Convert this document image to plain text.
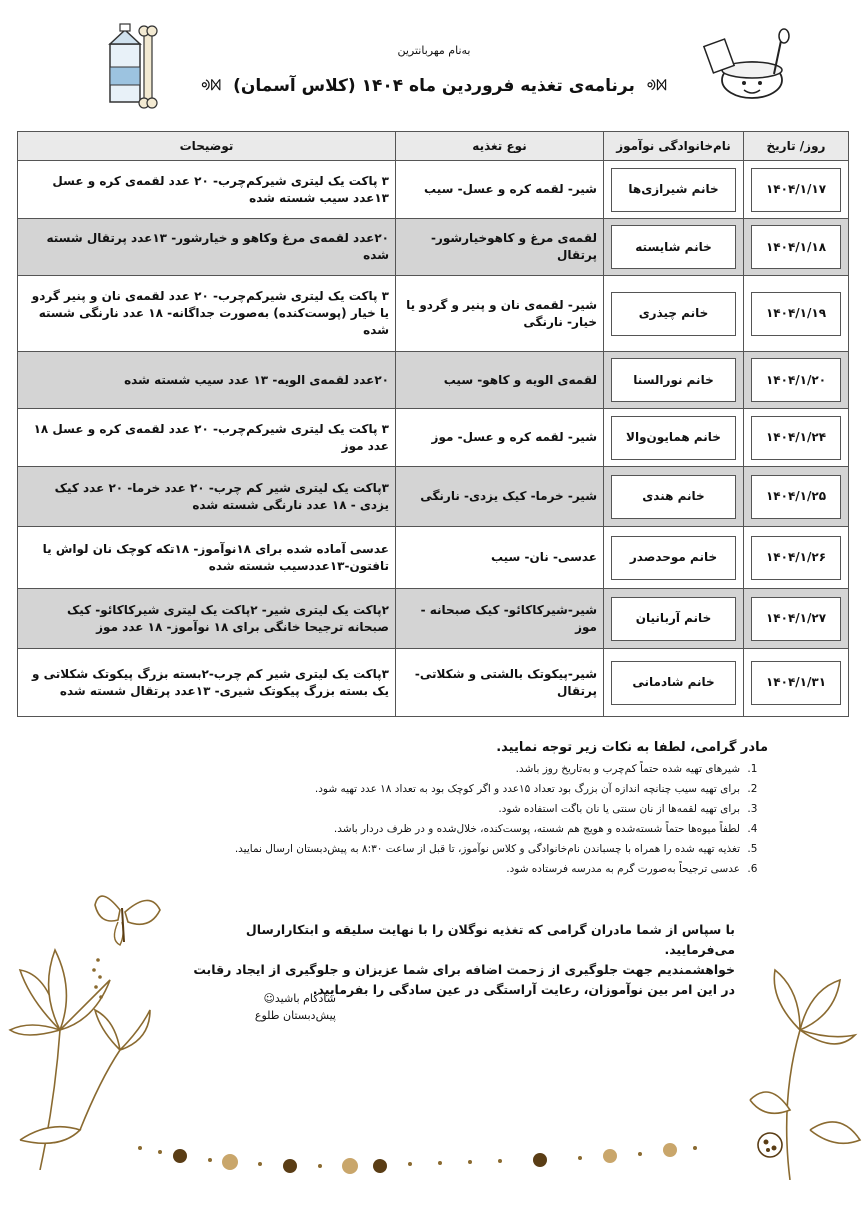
به‌نام مهربانترین
ᢀᢂ برنامه‌ی تغذیه فروردین ماه ۱۴۰۴ (کلاس آسمان) ᢀᢂ
روز/ تاریخ	نام‌خانوادگی نوآموز	نوع تغذیه	توضیحات

۱۴۰۴/۱/۱۷	خانم شیرازی‌ها	شیر- لقمه کره و عسل- سیب	۳ پاکت یک لیتری شیرکم‌چرب- ۲۰ عدد لقمه‌ی کره و عسل ۱۳عدد سیب شسته شده

۱۴۰۴/۱/۱۸	خانم شایسته	لقمه‌ی مرغ و کاهوخیارشور- پرتقال	۲۰عدد لقمه‌ی مرغ وکاهو و خیارشور- ۱۳عدد پرتقال شسته شده

۱۴۰۴/۱/۱۹	خانم چیذری	شیر- لقمه‌ی نان و پنیر و گردو یا خیار- نارنگی	۳ پاکت یک لیتری شیرکم‌چرب- ۲۰ عدد لقمه‌ی نان و پنیر گردو یا خیار (پوست‌کنده) به‌صورت جداگانه- ۱۸ عدد نارنگی شسته شده

۱۴۰۴/۱/۲۰	خانم نورالسنا	لقمه‌ی الویه و کاهو- سیب	۲۰عدد لقمه‌ی الویه- ۱۳ عدد سیب شسته شده

۱۴۰۴/۱/۲۴	خانم همایون‌والا	شیر- لقمه کره و عسل- موز	۳ پاکت یک لیتری شیرکم‌چرب- ۲۰ عدد لقمه‌ی کره و عسل ۱۸ عدد موز

۱۴۰۴/۱/۲۵	خانم هندی	شیر- خرما- کیک یزدی- نارنگی	۳پاکت یک لیتری شیر کم چرب- ۲۰ عدد خرما- ۲۰ عدد کیک یزدی - ۱۸ عدد نارنگی شسته شده

۱۴۰۴/۱/۲۶	خانم موحدصدر	عدسی- نان- سیب	عدسی آماده شده برای ۱۸نوآموز- ۱۸تکه کوچک نان لواش یا تافتون-۱۳عددسیب شسته شده

۱۴۰۴/۱/۲۷	خانم آربانیان	شیر-شیرکاکائو- کیک صبحانه - موز	۲پاکت یک لیتری شیر- ۲پاکت یک لیتری شیرکاکائو- کیک صبحانه ترجیحا خانگی برای ۱۸ نوآموز- ۱۸ عدد موز

۱۴۰۴/۱/۳۱	خانم شادمانی	شیر-پیکوتک بالشتی و شکلاتی- پرتقال	۳پاکت یک لیتری شیر کم چرب-۲بسته بزرگ پیکوتک شکلاتی و یک بسته بزرگ پیکوتک شیری- ۱۳عدد پرتقال شسته شده
مادر گرامی، لطفا به نکات زیر توجه نمایید.
1. شیرهای تهیه شده حتماً کم‌چرب و به‌تاریخ روز باشد.
2. برای تهیه سیب چنانچه اندازه آن بزرگ بود تعداد ۱۵عدد و اگر کوچک بود به تعداد ۱۸ عدد تهیه شود.
3. برای تهیه لقمه‌ها از نان سنتی یا نان باگت استفاده شود.
4. لطفاً میوه‌ها حتماً شسته‌شده و هویج هم شسته، پوست‌کنده، خلال‌شده و در ظرف دردار باشد.
5. تغذیه تهیه شده را همراه با چسباندن نام‌خانوادگی و کلاس نوآموز، تا قبل از ساعت ۸:۳۰ به پیش‌دبستان ارسال نمایید.
6. عدسی ترجیحاً به‌صورت گرم به مدرسه فرستاده شود.
با سپاس از شما مادران گرامی که تغذیه نوگلان را با نهایت سلیقه و ابتکارارسال می‌فرمایید.
خواهشمندیم جهت جلوگیری از زحمت اضافه برای شما عزیزان و جلوگیری از ایجاد رقابت
در این امر بین نوآموزان، رعایت آراستگی در عین سادگی را بفرمایید.
شادکام باشید☺
پیش‌دبستان طلوع
